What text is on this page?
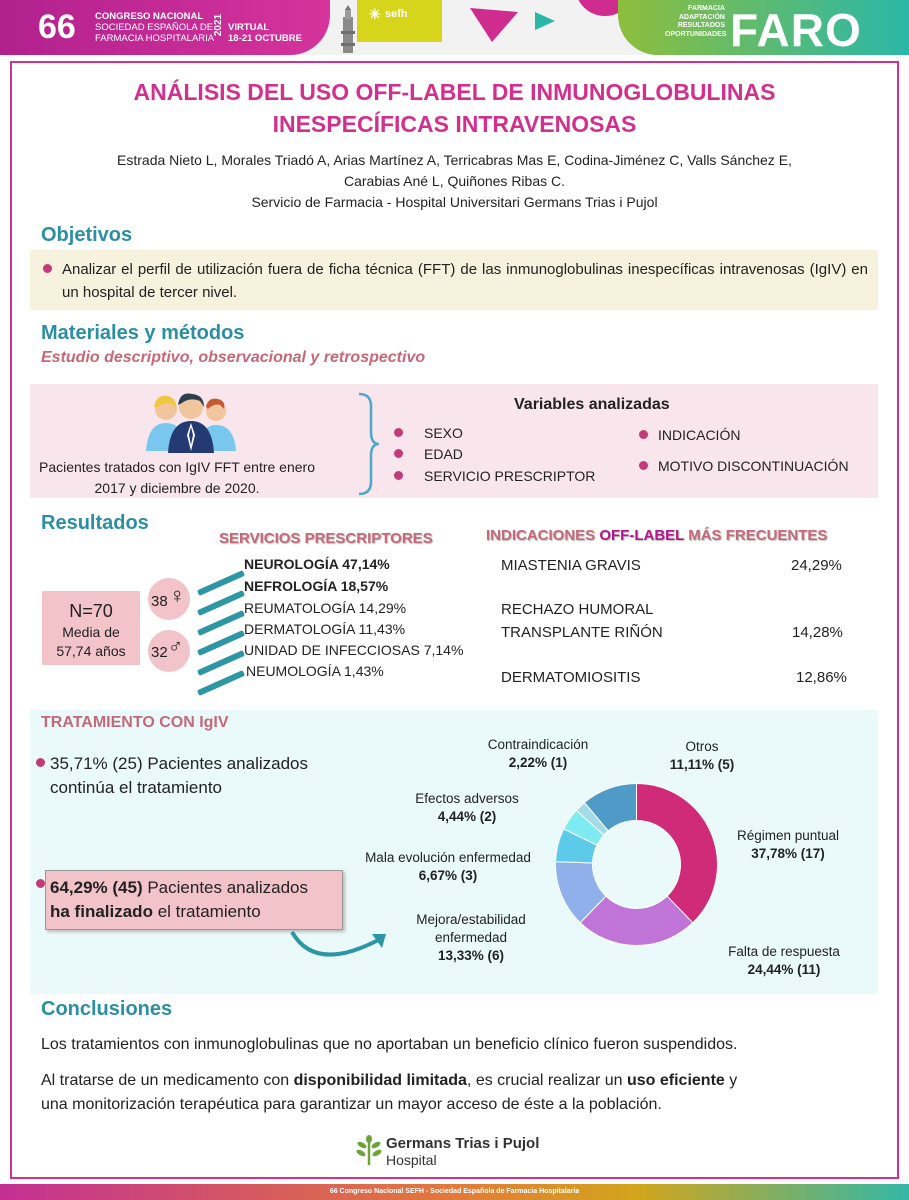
66 CONGRESO NACIONAL
SOCIEDAD ESPAÑOLA DE
FARMACIA HOSPITALARIA
2021 VIRTUAL
18-21 OCTUBRE
✳ sefh	FARMACIA
ADAPTACIÓN
RESULTADOS
OPORTUNIDADES FARO
ANÁLISIS DEL USO OFF-LABEL DE INMUNOGLOBULINAS
INESPECÍFICAS INTRAVENOSAS
Estrada Nieto L, Morales Triadó A, Arias Martínez A, Terricabras Mas E, Codina-Jiménez C, Valls Sánchez E,
Carabias Ané L, Quiñones Ribas C.
Servicio de Farmacia - Hospital Universitari Germans Trias i Pujol
Objetivos
Analizar el perfil de utilización fuera de ficha técnica (FFT) de las inmunoglobulinas inespecíficas intravenosas (IgIV) en un hospital de tercer nivel.
Materiales y métodos
Estudio descriptivo, observacional y retrospectivo
Pacientes tratados con IgIV FFT entre enero 2017 y diciembre de 2020.
Variables analizadas
SEXO
EDAD
SERVICIO PRESCRIPTOR
INDICACIÓN
MOTIVO DISCONTINUACIÓN
Resultados
N=70
Media de
57,74 años
38 ♀
32 ♂
SERVICIOS PRESCRIPTORES
NEUROLOGÍA 47,14%
NEFROLOGÍA 18,57%
REUMATOLOGÍA 14,29%
DERMATOLOGÍA 11,43%
UNIDAD DE INFECCIOSAS 7,14%
NEUMOLOGÍA 1,43%
INDICACIONES OFF-LABEL MÁS FRECUENTES
MIASTENIA GRAVIS	24,29%
RECHAZO HUMORAL
TRANSPLANTE RIÑÓN	14,28%
DERMATOMIOSITIS	12,86%
TRATAMIENTO CON IgIV
35,71% (25) Pacientes analizados
continúa el tratamiento
64,29% (45) Pacientes analizados
ha finalizado el tratamiento
Contraindicación
2,22% (1)
Otros
11,11% (5)
Efectos adversos
4,44% (2)
Mala evolución enfermedad
6,67% (3)
Mejora/estabilidad enfermedad
13,33% (6)
Régimen puntual
37,78% (17)
Falta de respuesta
24,44% (11)
Conclusiones
Los tratamientos con inmunoglobulinas que no aportaban un beneficio clínico fueron suspendidos.
Al tratarse de un medicamento con disponibilidad limitada, es crucial realizar un uso eficiente y
una monitorización terapéutica para garantizar un mayor acceso de éste a la población.
Germans Trias i Pujol
Hospital
66 Congreso Nacional SEFH - Sociedad Española de Farmacia Hospitalaria
